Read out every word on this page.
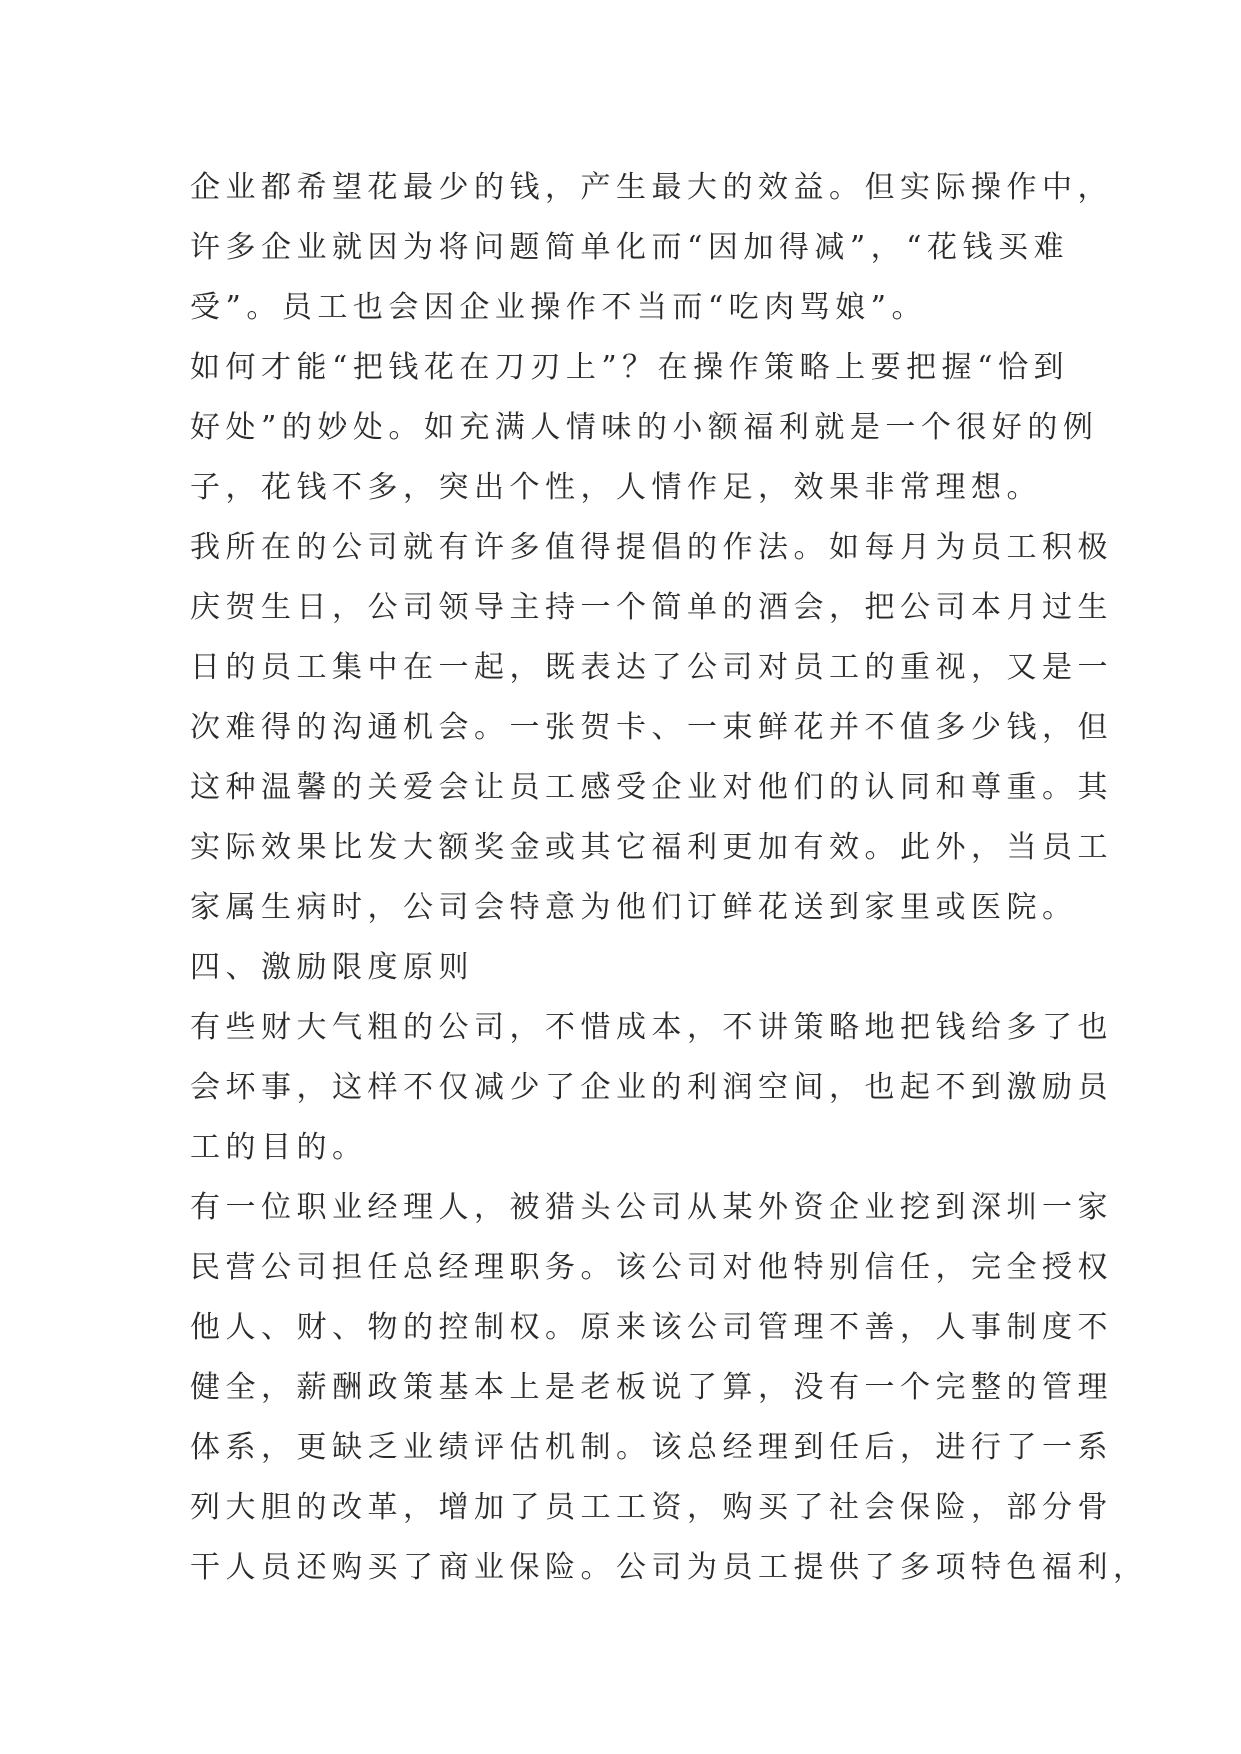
企业都希望花最少的钱，产生最大的效益。但实际操作中，
许多企业就因为将问题简单化而“因加得减”，“花钱买难
受”。员工也会因企业操作不当而“吃肉骂娘”。
如何才能“把钱花在刀刃上”？在操作策略上要把握“恰到
好处”的妙处。如充满人情味的小额福利就是一个很好的例
子，花钱不多，突出个性，人情作足，效果非常理想。
我所在的公司就有许多值得提倡的作法。如每月为员工积极
庆贺生日，公司领导主持一个简单的酒会，把公司本月过生
日的员工集中在一起，既表达了公司对员工的重视，又是一
次难得的沟通机会。一张贺卡、一束鲜花并不值多少钱，但
这种温馨的关爱会让员工感受企业对他们的认同和尊重。其
实际效果比发大额奖金或其它福利更加有效。此外，当员工
家属生病时，公司会特意为他们订鲜花送到家里或医院。
四、激励限度原则
有些财大气粗的公司，不惜成本，不讲策略地把钱给多了也
会坏事，这样不仅减少了企业的利润空间，也起不到激励员
工的目的。
有一位职业经理人，被猎头公司从某外资企业挖到深圳一家
民营公司担任总经理职务。该公司对他特别信任，完全授权
他人、财、物的控制权。原来该公司管理不善，人事制度不
健全，薪酬政策基本上是老板说了算，没有一个完整的管理
体系，更缺乏业绩评估机制。该总经理到任后，进行了一系
列大胆的改革，增加了员工工资，购买了社会保险，部分骨
干人员还购买了商业保险。公司为员工提供了多项特色福利，
